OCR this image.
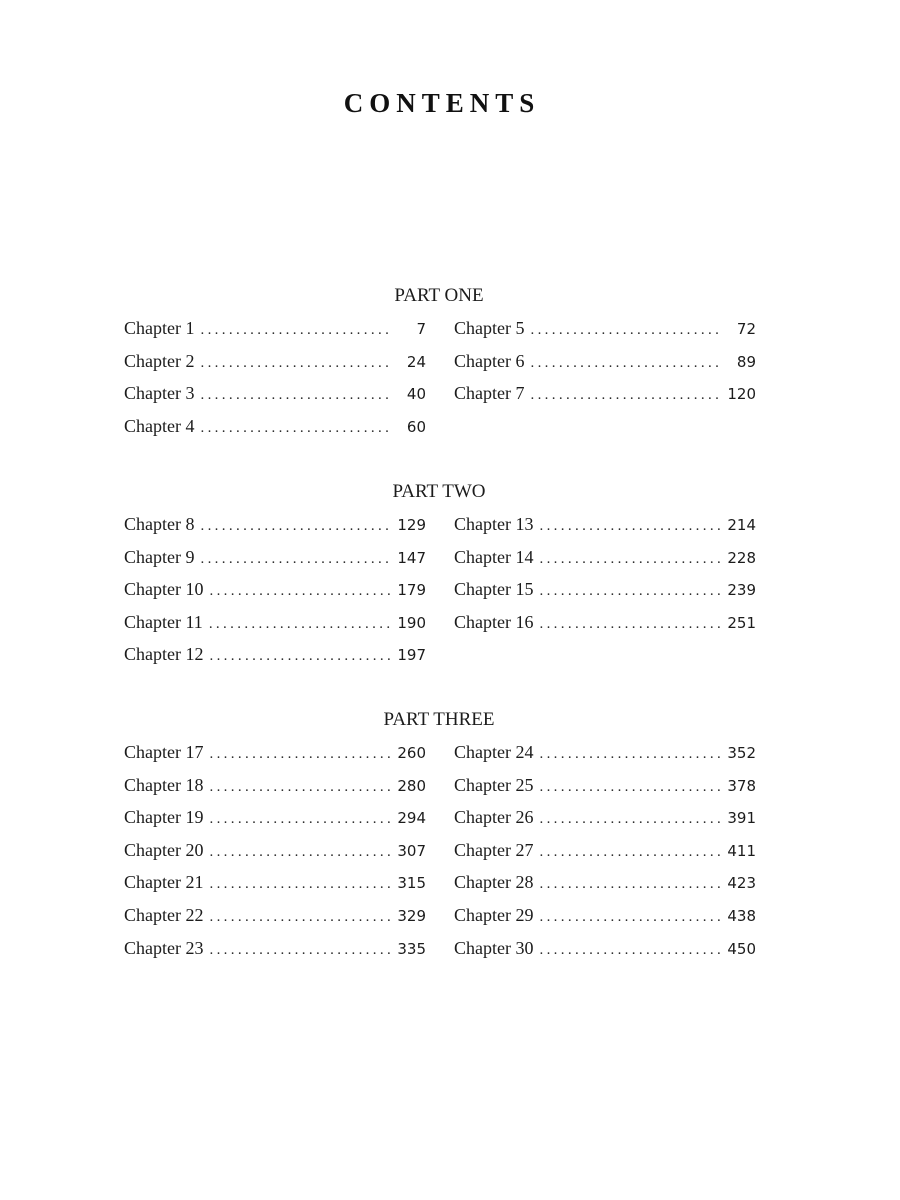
CONTENTS
PART ONE
Chapter 1 . . .	7
Chapter 2 . . .	24
Chapter 3 . . .	40
Chapter 4 . . .	60
Chapter 5 . . .	72
Chapter 6 . . .	89
Chapter 7 . . .	120
PART TWO
Chapter 8 . . .	129
Chapter 9 . . .	147
Chapter 10 . . .	179
Chapter 11 . . .	190
Chapter 12 . . .	197
Chapter 13 . . .	214
Chapter 14 . . .	228
Chapter 15 . . .	239
Chapter 16 . . .	251
PART THREE
Chapter 17 . . .	260
Chapter 18 . . .	280
Chapter 19 . . .	294
Chapter 20 . . .	307
Chapter 21 . . .	315
Chapter 22 . . .	329
Chapter 23 . . .	335
Chapter 24 . . .	352
Chapter 25 . . .	378
Chapter 26 . . .	391
Chapter 27 . . .	411
Chapter 28 . . .	423
Chapter 29 . . .	438
Chapter 30 . . .	450
